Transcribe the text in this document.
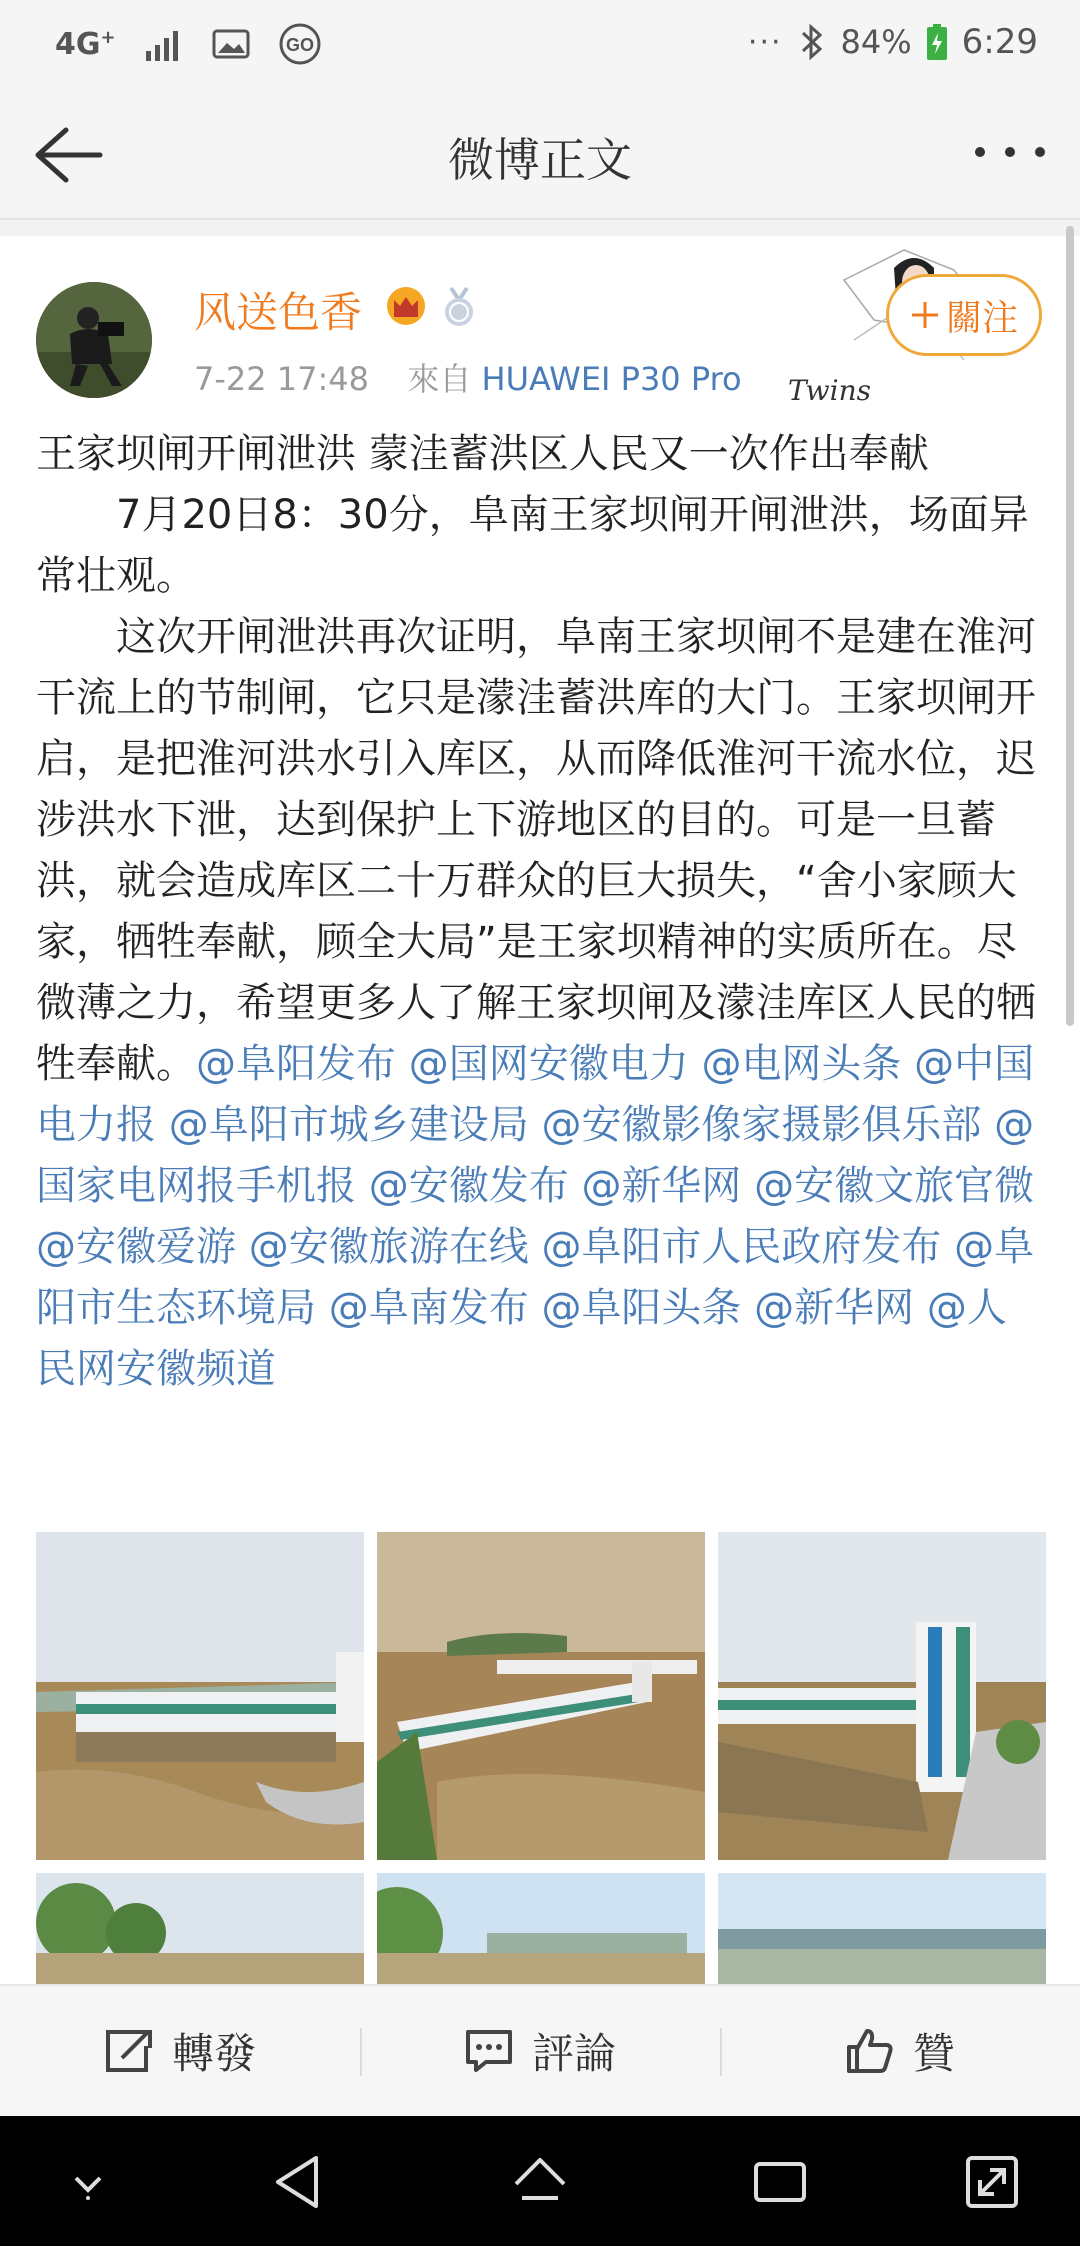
4G+	GO	··· 84% 6:29
微博正文
风送色香
7-22 17:48 來自 HUAWEI P30 Pro Twins
關注

王家坝闸开闸泄洪 蒙洼蓄洪区人民又一次作出奉献

7月20日8：30分，阜南王家坝闸开闸泄洪，场面异常壮观。

这次开闸泄洪再次证明，阜南王家坝闸不是建在淮河干流上的节制闸，它只是濛洼蓄洪库的大门。王家坝闸开启，是把淮河洪水引入库区，从而降低淮河干流水位，迟涉洪水下泄，达到保护上下游地区的目的。可是一旦蓄洪，就会造成库区二十万群众的巨大损失，“舍小家顾大家，牺牲奉献，顾全大局”是王家坝精神的实质所在。尽微薄之力，希望更多人了解王家坝闸及濛洼库区人民的牺牲奉献。@阜阳发布 @国网安徽电力 @电网头条 @中国电力报 @阜阳市城乡建设局 @安徽影像家摄影俱乐部 @国家电网报手机报 @安徽发布 @新华网 @安徽文旅官微 @安徽爱游 @安徽旅游在线 @阜阳市人民政府发布 @阜阳市生态环境局 @阜南发布 @阜阳头条 @新华网 @人民网安徽频道

轉發	評論	贊
